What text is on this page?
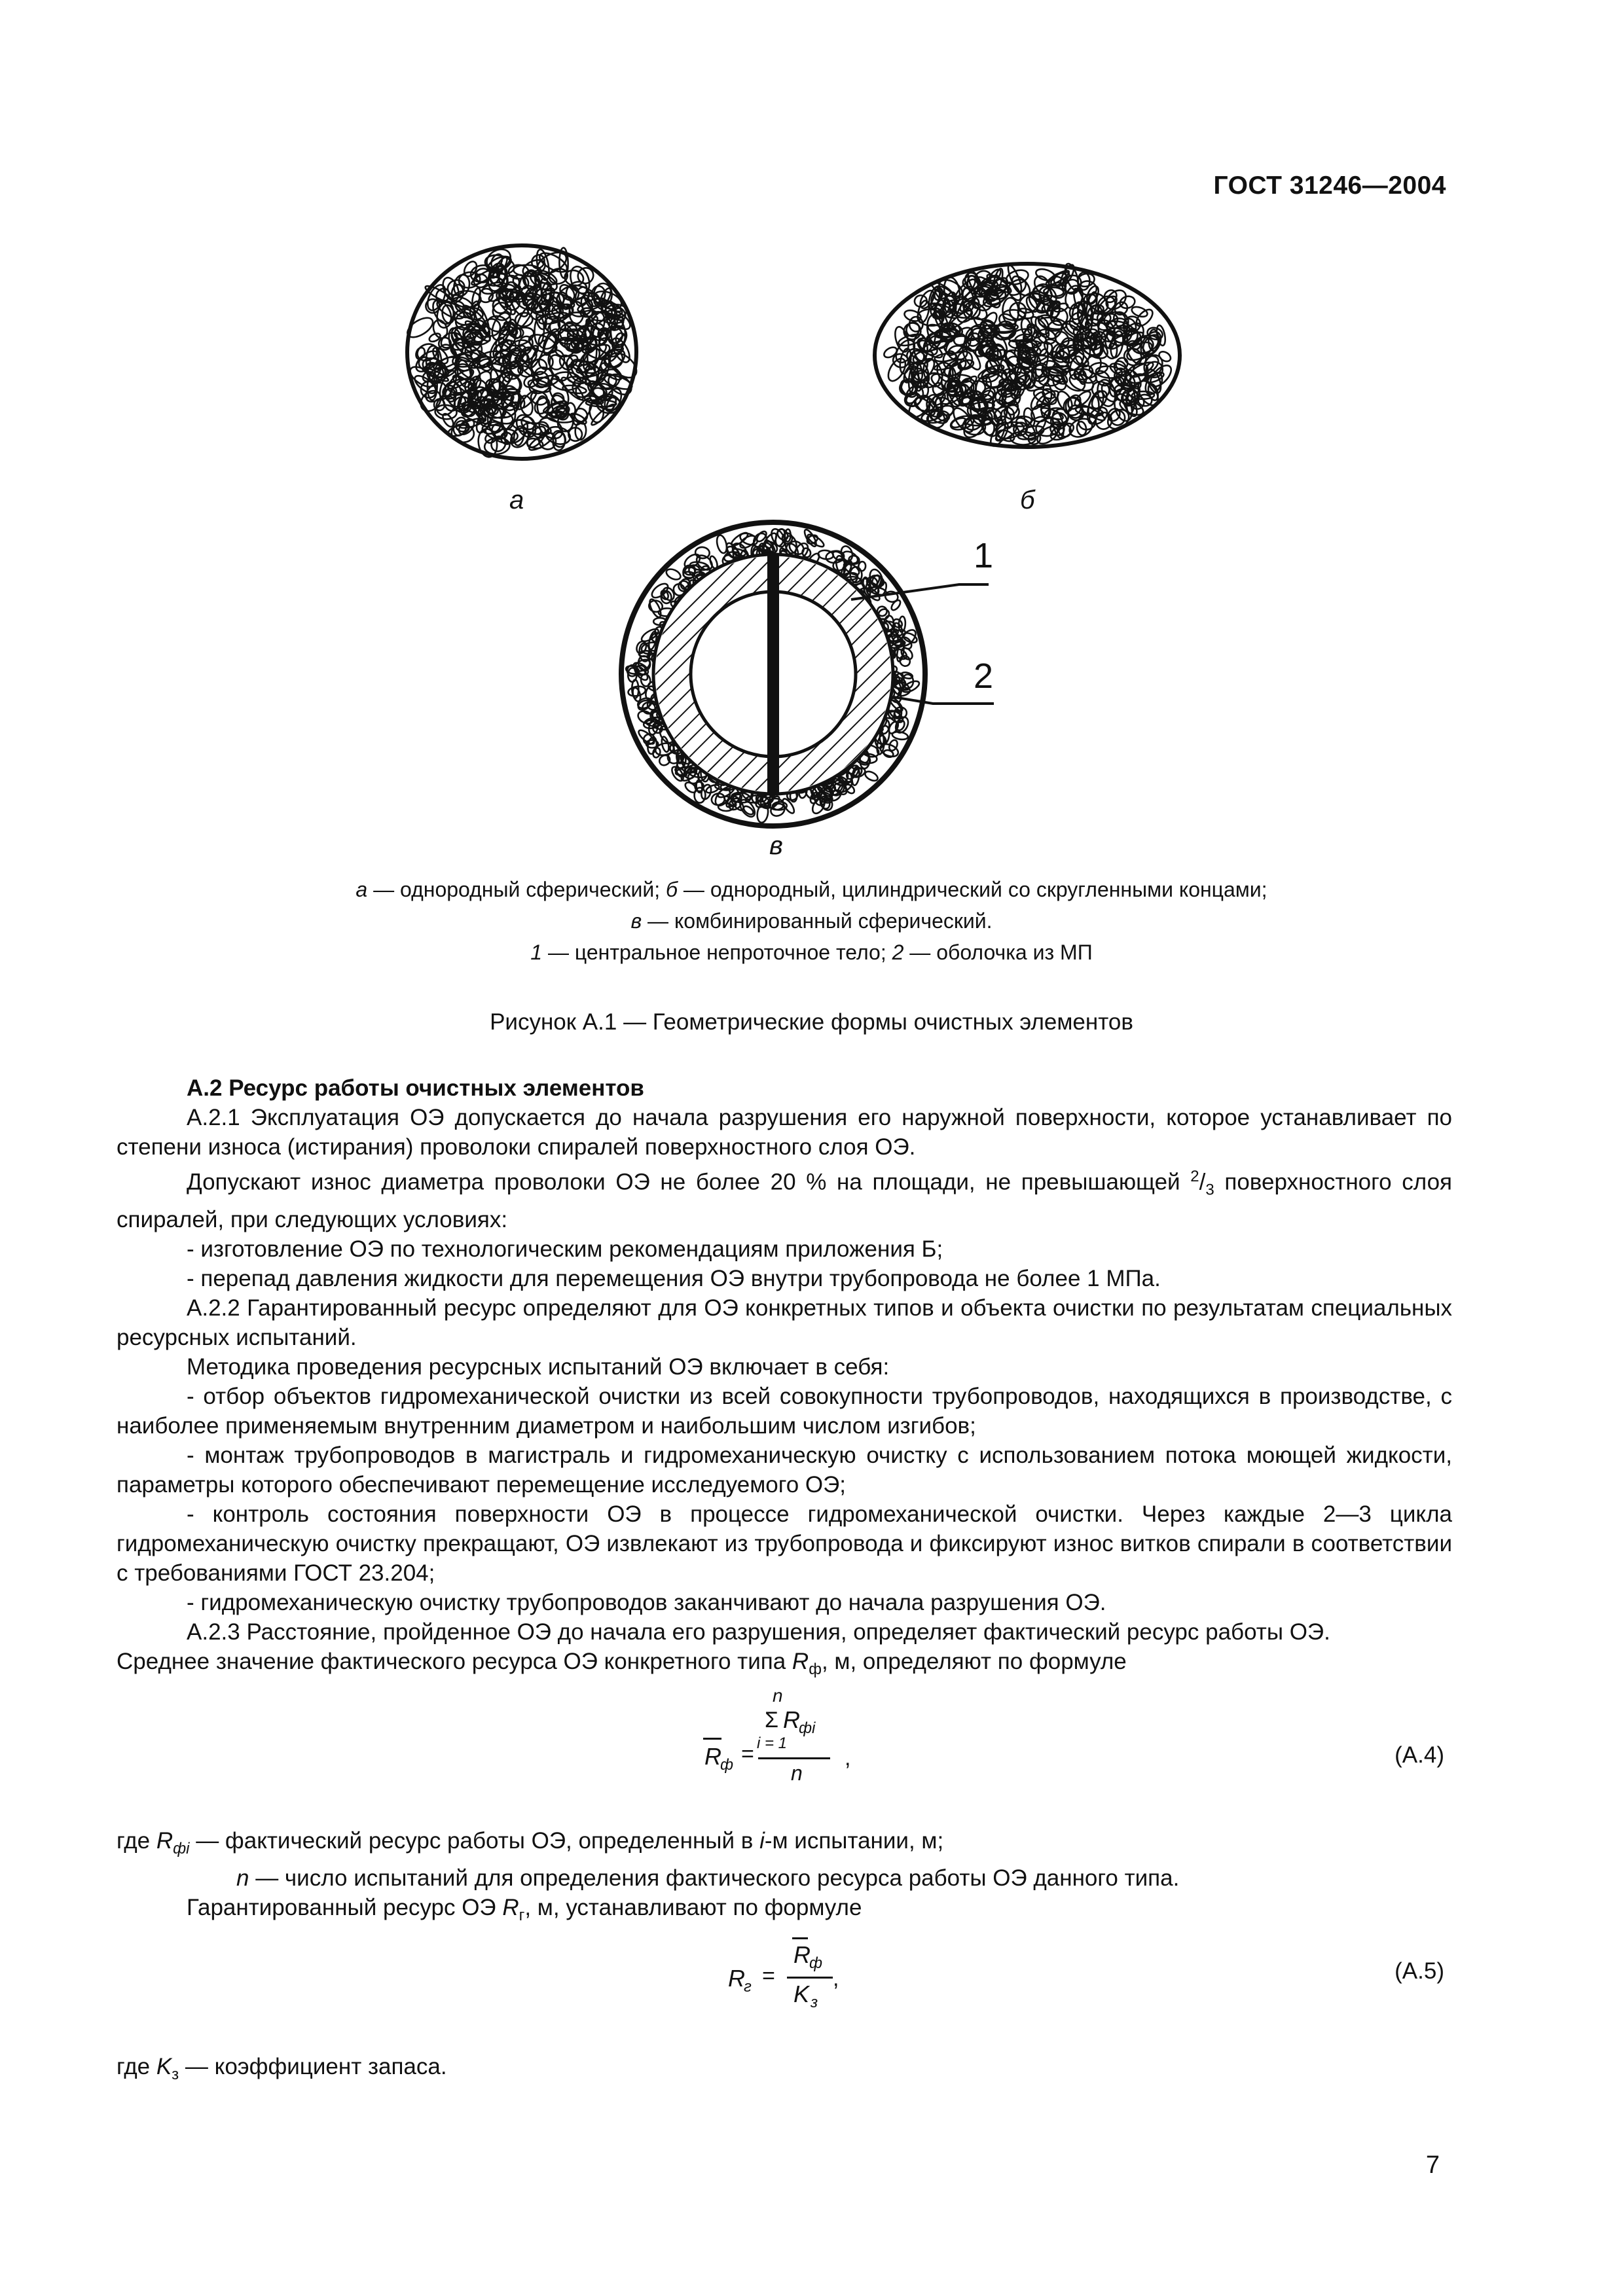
ГОСТ 31246—2004
а	б
1
2
в
а — однородный сферический; б — однородный, цилиндрический со скругленными концами;
в — комбинированный сферический.
1 — центральное непроточное тело; 2 — оболочка из МП
Рисунок А.1 — Геометрические формы очистных элементов
А.2 Ресурс работы очистных элементов

А.2.1 Эксплуатация ОЭ допускается до начала разрушения его наружной поверхности, которое устанавливает по степени износа (истирания) проволоки спиралей поверхностного слоя ОЭ.

Допускают износ диаметра проволоки ОЭ не более 20 % на площади, не превышающей $^2/_3$ поверхностного слоя спиралей, при следующих условиях:

- изготовление ОЭ по технологическим рекомендациям приложения Б;

- перепад давления жидкости для перемещения ОЭ внутри трубопровода не более 1 МПа.

А.2.2 Гарантированный ресурс определяют для ОЭ конкретных типов и объекта очистки по результатам специальных ресурсных испытаний.

Методика проведения ресурсных испытаний ОЭ включает в себя:

- отбор объектов гидромеханической очистки из всей совокупности трубопроводов, находящихся в производстве, с наиболее применяемым внутренним диаметром и наибольшим числом изгибов;

- монтаж трубопроводов в магистраль и гидромеханическую очистку с использованием потока моющей жидкости, параметры которого обеспечивают перемещение исследуемого ОЭ;

- контроль состояния поверхности ОЭ в процессе гидромеханической очистки. Через каждые 2—3 цикла гидромеханическую очистку прекращают, ОЭ извлекают из трубопровода и фиксируют износ витков спирали в соответствии с требованиями ГОСТ 23.204;

- гидромеханическую очистку трубопроводов заканчивают до начала разрушения ОЭ.

А.2.3 Расстояние, пройденное ОЭ до начала его разрушения, определяет фактический ресурс работы ОЭ.

Среднее значение фактического ресурса ОЭ конкретного типа $R_ф$, м, определяют по формуле

n
Σ R
фi
i = 1
R
ф =
n
,	(А.4)

где $R_{фi}$ — фактический ресурс работы ОЭ, определенный в i-м испытании, м;

n — число испытаний для определения фактического ресурса работы ОЭ данного типа.

Гарантированный ресурс ОЭ $R_г$, м, устанавливают по формуле

R
г =
R
ф
K з
,	(А.5)

где $K_з$ — коэффициент запаса.

7
